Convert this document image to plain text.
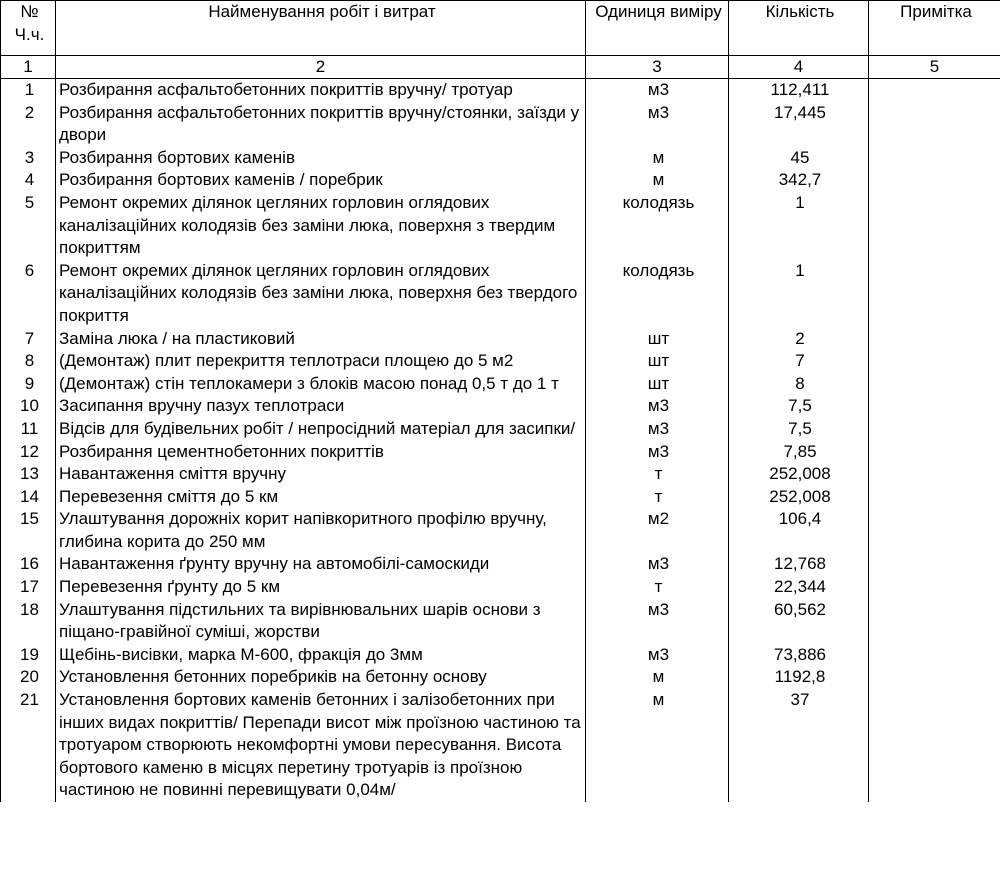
№ Ч.ч.	Найменування робіт і витрат	Одиниця виміру	Кількість	Примітка
1	2	3	4	5
1	Розбирання асфальтобетонних покриттів вручну/ тротуар	м3	112,411	
2	Розбирання асфальтобетонних покриттів вручну/стоянки, заїзди у двори	м3	17,445	
3	Розбирання бортових каменів	м	45	
4	Розбирання бортових каменів / поребрик	м	342,7	
5	Ремонт окремих ділянок цегляних горловин оглядових каналізаційних колодязів без заміни люка, поверхня з твердим покриттям	колодязь	1	
6	Ремонт окремих ділянок цегляних горловин оглядових каналізаційних колодязів без заміни люка, поверхня без твердого покриття	колодязь	1	
7	Заміна люка / на пластиковий	шт	2	
8	(Демонтаж) плит перекриття теплотраси площею до 5 м2	шт	7	
9	(Демонтаж) стін теплокамери з блоків масою понад 0,5 т до 1 т	шт	8	
10	Засипання вручну пазух теплотраси	м3	7,5	
11	Відсів для будівельних робіт / непросідний матеріал для засипки/	м3	7,5	
12	Розбирання цементнобетонних покриттів	м3	7,85	
13	Навантаження сміття вручну	т	252,008	
14	Перевезення сміття до 5 км	т	252,008	
15	Улаштування дорожніх корит напівкоритного профілю вручну, глибина корита до 250 мм	м2	106,4	
16	Навантаження ґрунту вручну на автомобілі-самоскиди	м3	12,768	
17	Перевезення ґрунту до 5 км	т	22,344	
18	Улаштування підстильних та вирівнювальних шарів основи з піщано-гравійної суміші, жорстви	м3	60,562	
19	Щебінь-висівки, марка М-600, фракція до 3мм	м3	73,886	
20	Установлення бетонних поребриків на бетонну основу	м	1192,8	
21	Установлення бортових каменів бетонних і залізобетонних при інших видах покриттів/ Перепади висот між проїзною частиною та тротуаром створюють некомфортні умови пересування. Висота бортового каменю в місцях перетину тротуарів із проїзною частиною не повинні перевищувати 0,04м/	м	37	
